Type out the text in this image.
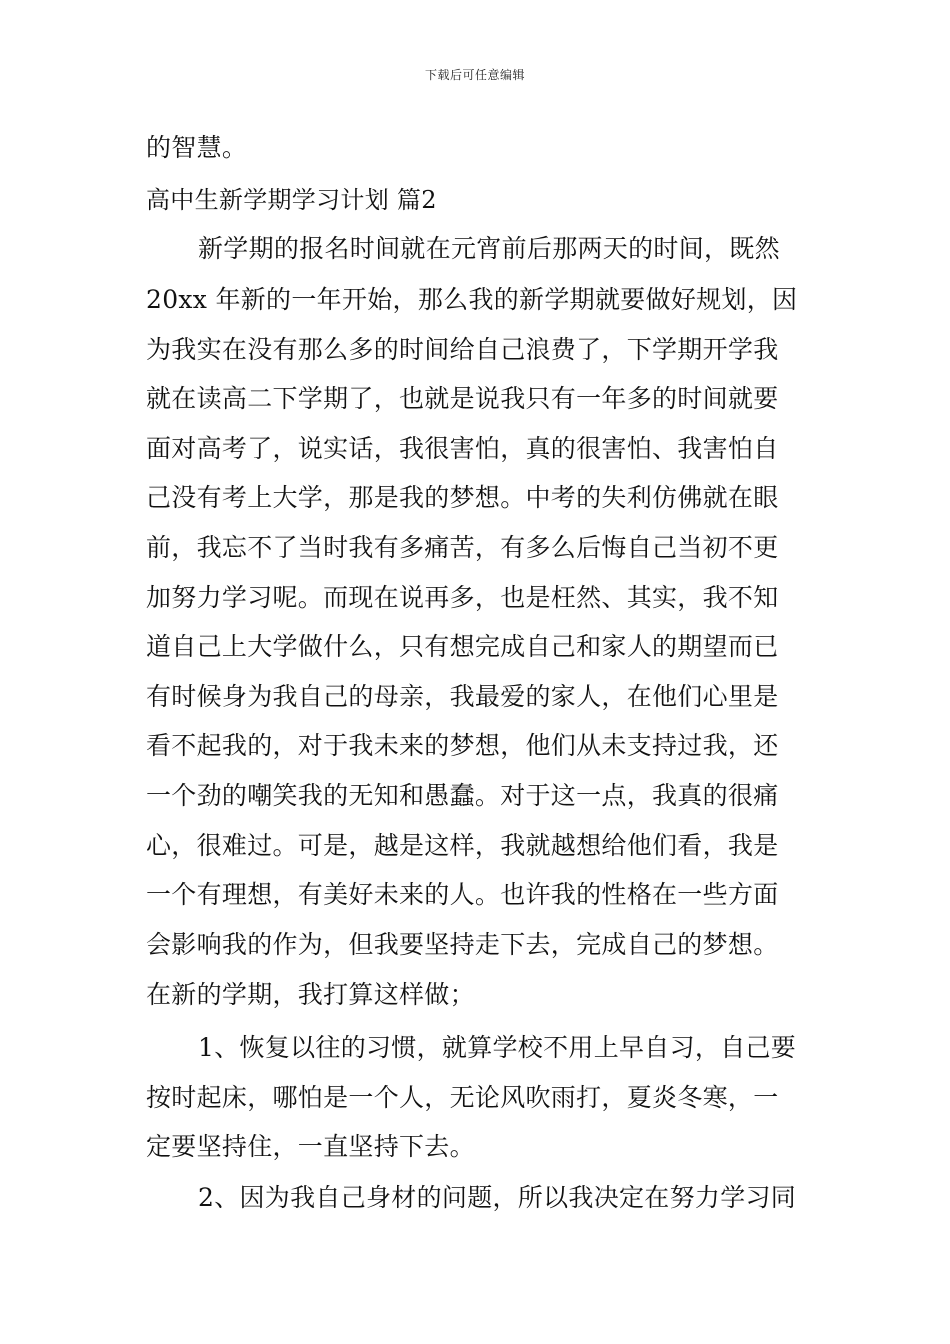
下载后可任意编辑
的智慧。
高中生新学期学习计划 篇2
新学期的报名时间就在元宵前后那两天的时间，既然
20xx 年新的一年开始，那么我的新学期就要做好规划，因
为我实在没有那么多的时间给自己浪费了，下学期开学我
就在读高二下学期了，也就是说我只有一年多的时间就要
面对高考了，说实话，我很害怕，真的很害怕、我害怕自
己没有考上大学，那是我的梦想。中考的失利仿佛就在眼
前，我忘不了当时我有多痛苦，有多么后悔自己当初不更
加努力学习呢。而现在说再多，也是枉然、其实，我不知
道自己上大学做什么，只有想完成自己和家人的期望而已
有时候身为我自己的母亲，我最爱的家人，在他们心里是
看不起我的，对于我未来的梦想，他们从未支持过我，还
一个劲的嘲笑我的无知和愚蠢。对于这一点，我真的很痛
心，很难过。可是，越是这样，我就越想给他们看，我是
一个有理想，有美好未来的人。也许我的性格在一些方面
会影响我的作为，但我要坚持走下去，完成自己的梦想。
在新的学期，我打算这样做；
1、恢复以往的习惯，就算学校不用上早自习，自己要
按时起床，哪怕是一个人，无论风吹雨打，夏炎冬寒，一
定要坚持住，一直坚持下去。
2、因为我自己身材的问题，所以我决定在努力学习同
